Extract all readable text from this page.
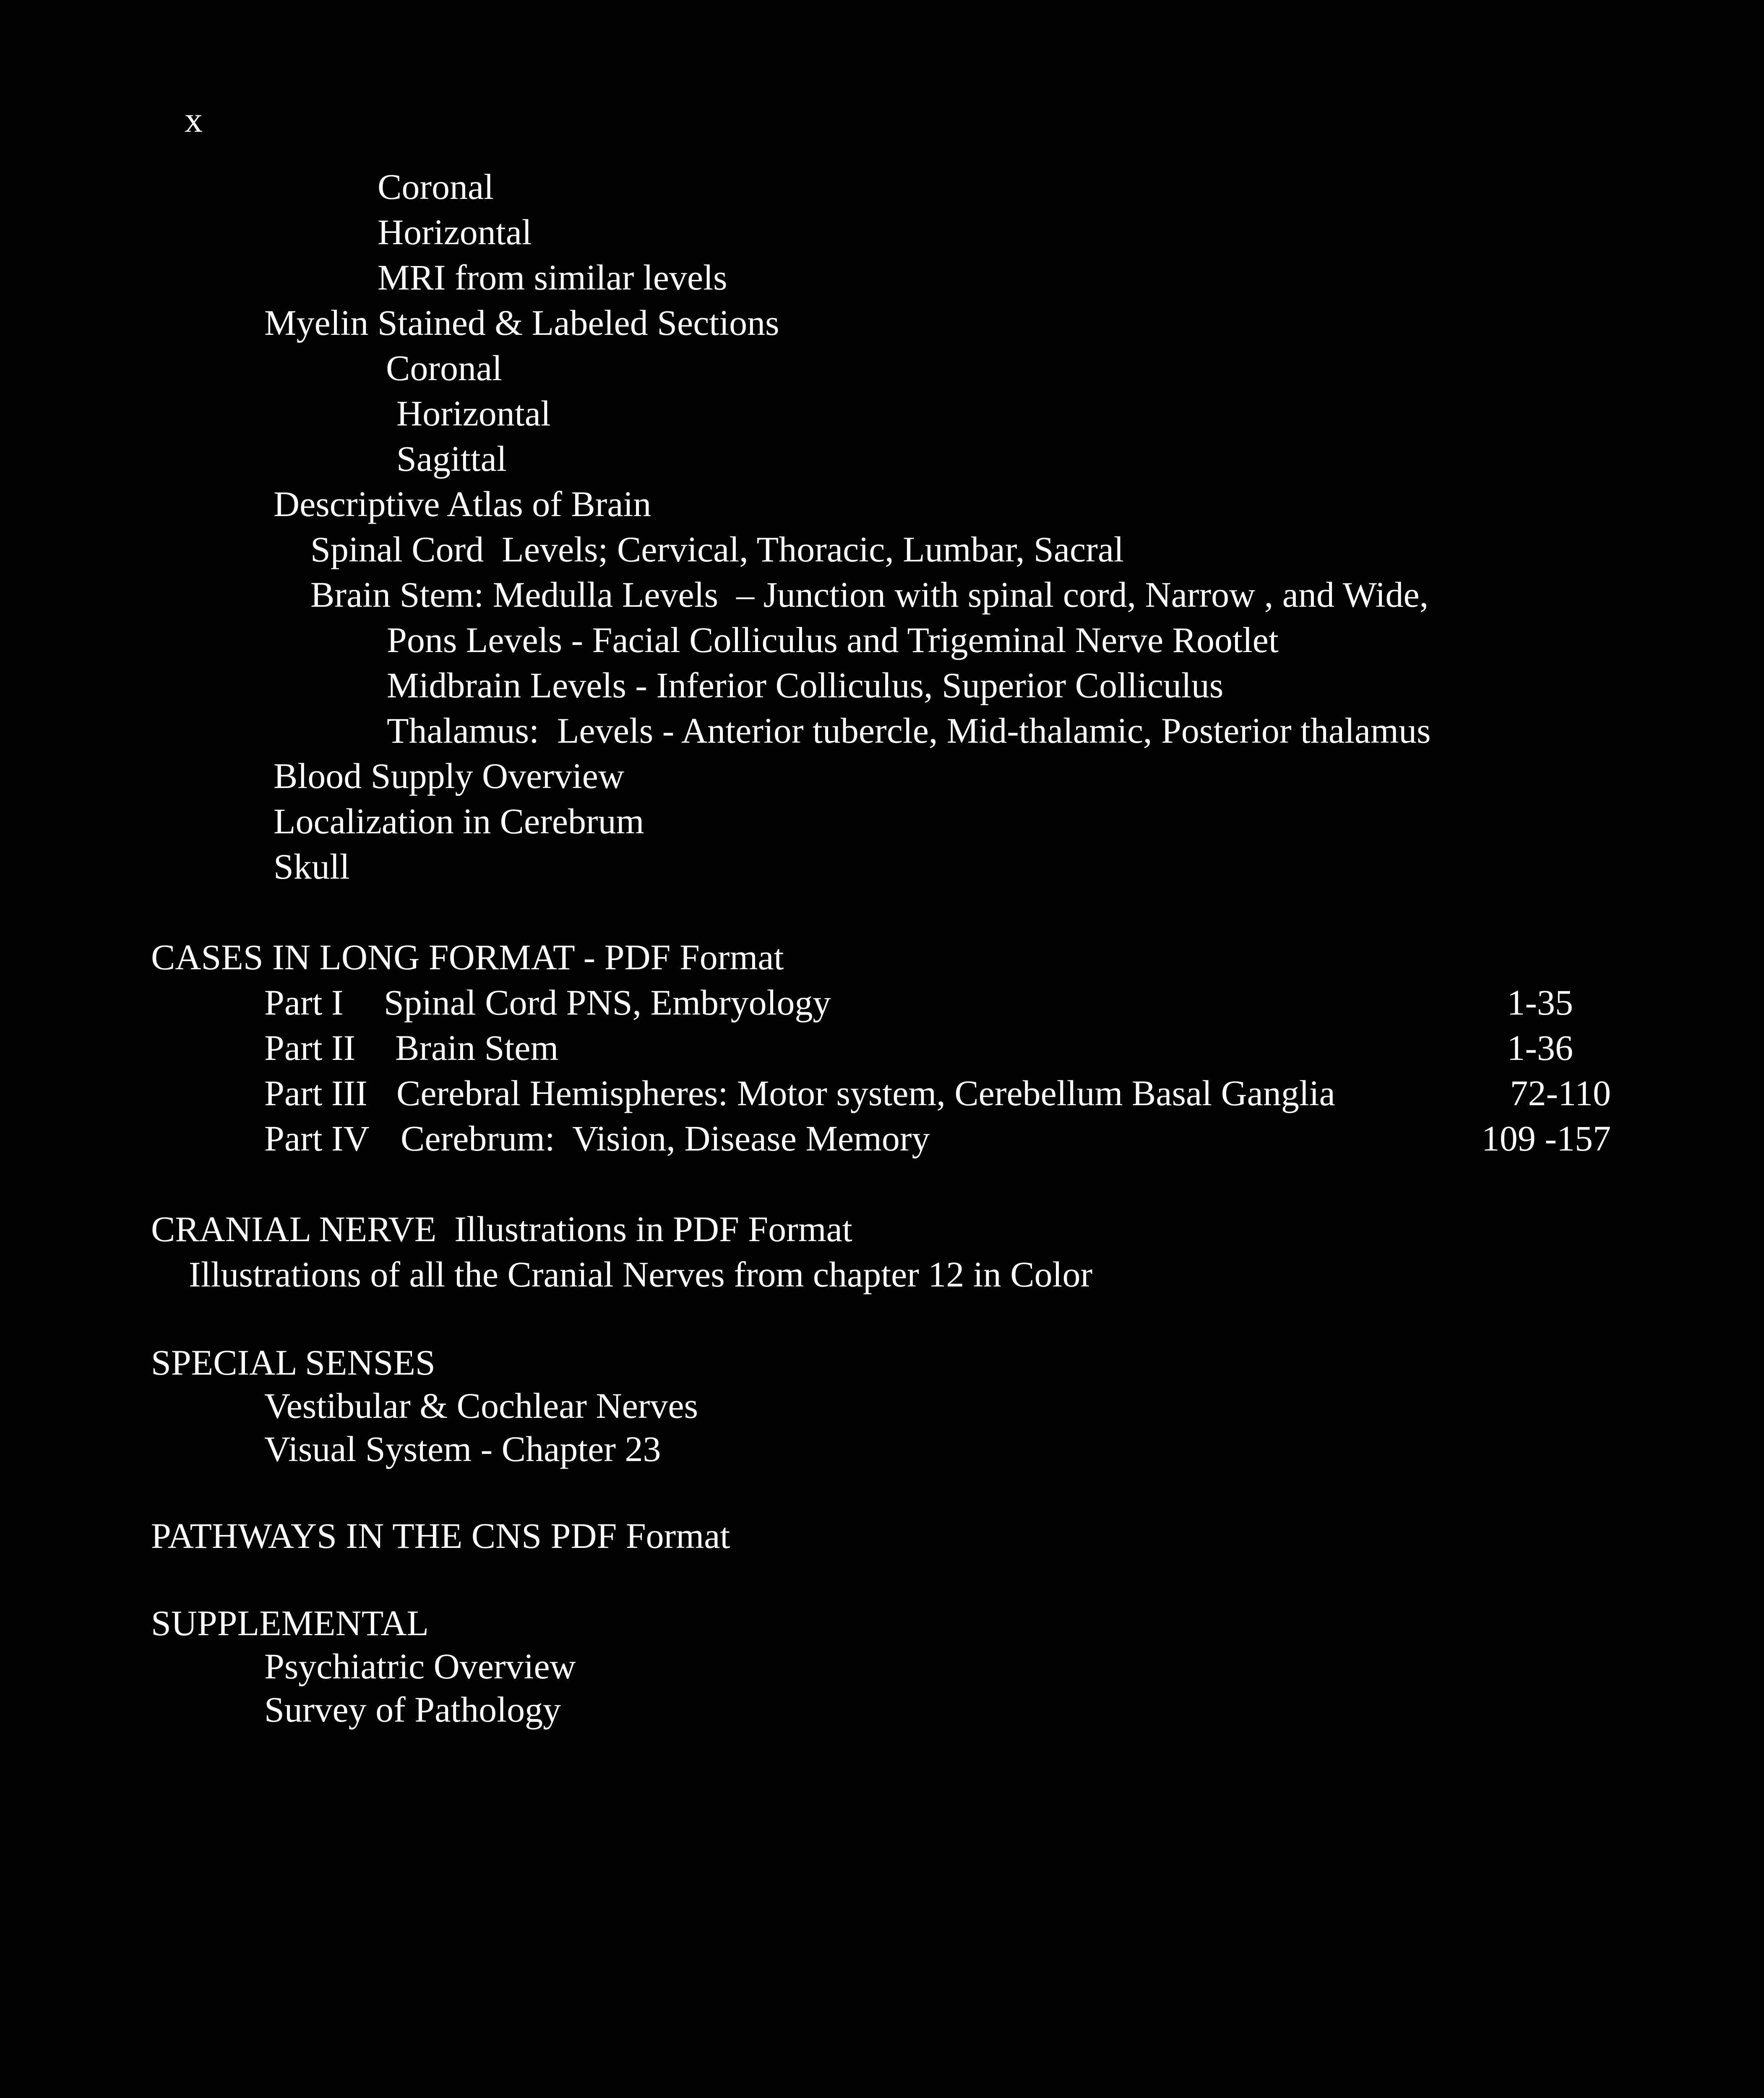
x
Coronal
Horizontal
MRI from similar levels
Myelin Stained & Labeled Sections
Coronal
Horizontal
Sagittal
Descriptive Atlas of Brain
Spinal Cord  Levels; Cervical, Thoracic, Lumbar, Sacral
Brain Stem: Medulla Levels  – Junction with spinal cord, Narrow , and Wide,
Pons Levels - Facial Colliculus and Trigeminal Nerve Rootlet
Midbrain Levels - Inferior Colliculus, Superior Colliculus
Thalamus:  Levels - Anterior tubercle, Mid-thalamic, Posterior thalamus
Blood Supply Overview
Localization in Cerebrum
Skull
CASES IN LONG FORMAT - PDF Format
Part I Spinal Cord PNS, Embryology	1-35
Part II Brain Stem	1-36
Part III Cerebral Hemispheres: Motor system, Cerebellum Basal Ganglia	72-110
Part IV Cerebrum:  Vision, Disease Memory	109 -157
CRANIAL NERVE  Illustrations in PDF Format
Illustrations of all the Cranial Nerves from chapter 12 in Color
SPECIAL SENSES
Vestibular & Cochlear Nerves
Visual System - Chapter 23
PATHWAYS IN THE CNS PDF Format
SUPPLEMENTAL
Psychiatric Overview
Survey of Pathology
